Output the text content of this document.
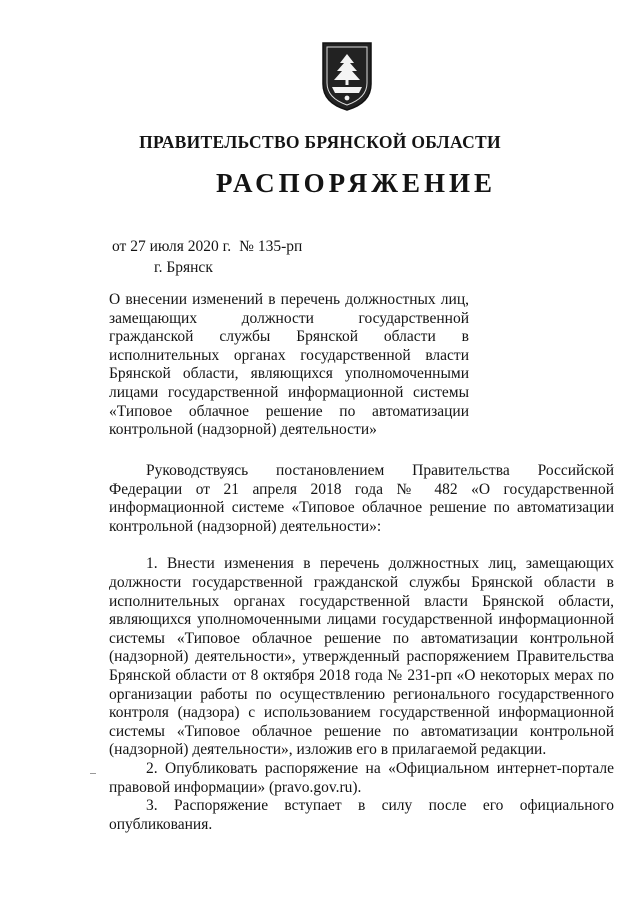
ПРАВИТЕЛЬСТВО БРЯНСКОЙ ОБЛАСТИ
РАСПОРЯЖЕНИЕ
от 27 июля 2020 г. № 135-рп
г. Брянск
О внесении изменений в перечень должностных лиц, замещающих должности государственной гражданской службы Брянской области в исполнительных органах государственной власти Брянской области, являющихся уполномоченными лицами государственной информационной системы «Типовое облачное решение по автоматизации контрольной (надзорной) деятельности»

Руководствуясь постановлением Правительства Российской Федерации от 21 апреля 2018 года № 482 «О государственной информационной системе «Типовое облачное решение по автоматизации контрольной (надзорной) деятельности»:

1. Внести изменения в перечень должностных лиц, замещающих должности государственной гражданской службы Брянской области в исполнительных органах государственной власти Брянской области, являющихся уполномоченными лицами государственной информационной системы «Типовое облачное решение по автоматизации контрольной (надзорной) деятельности», утвержденный распоряжением Правительства Брянской области от 8 октября 2018 года № 231-рп «О некоторых мерах по организации работы по осуществлению регионального государственного контроля (надзора) с использованием государственной информационной системы «Типовое облачное решение по автоматизации контрольной (надзорной) деятельности», изложив его в прилагаемой редакции.

2. Опубликовать распоряжение на «Официальном интернет-портале правовой информации» (pravo.gov.ru).

3. Распоряжение вступает в силу после его официального опубликования.
